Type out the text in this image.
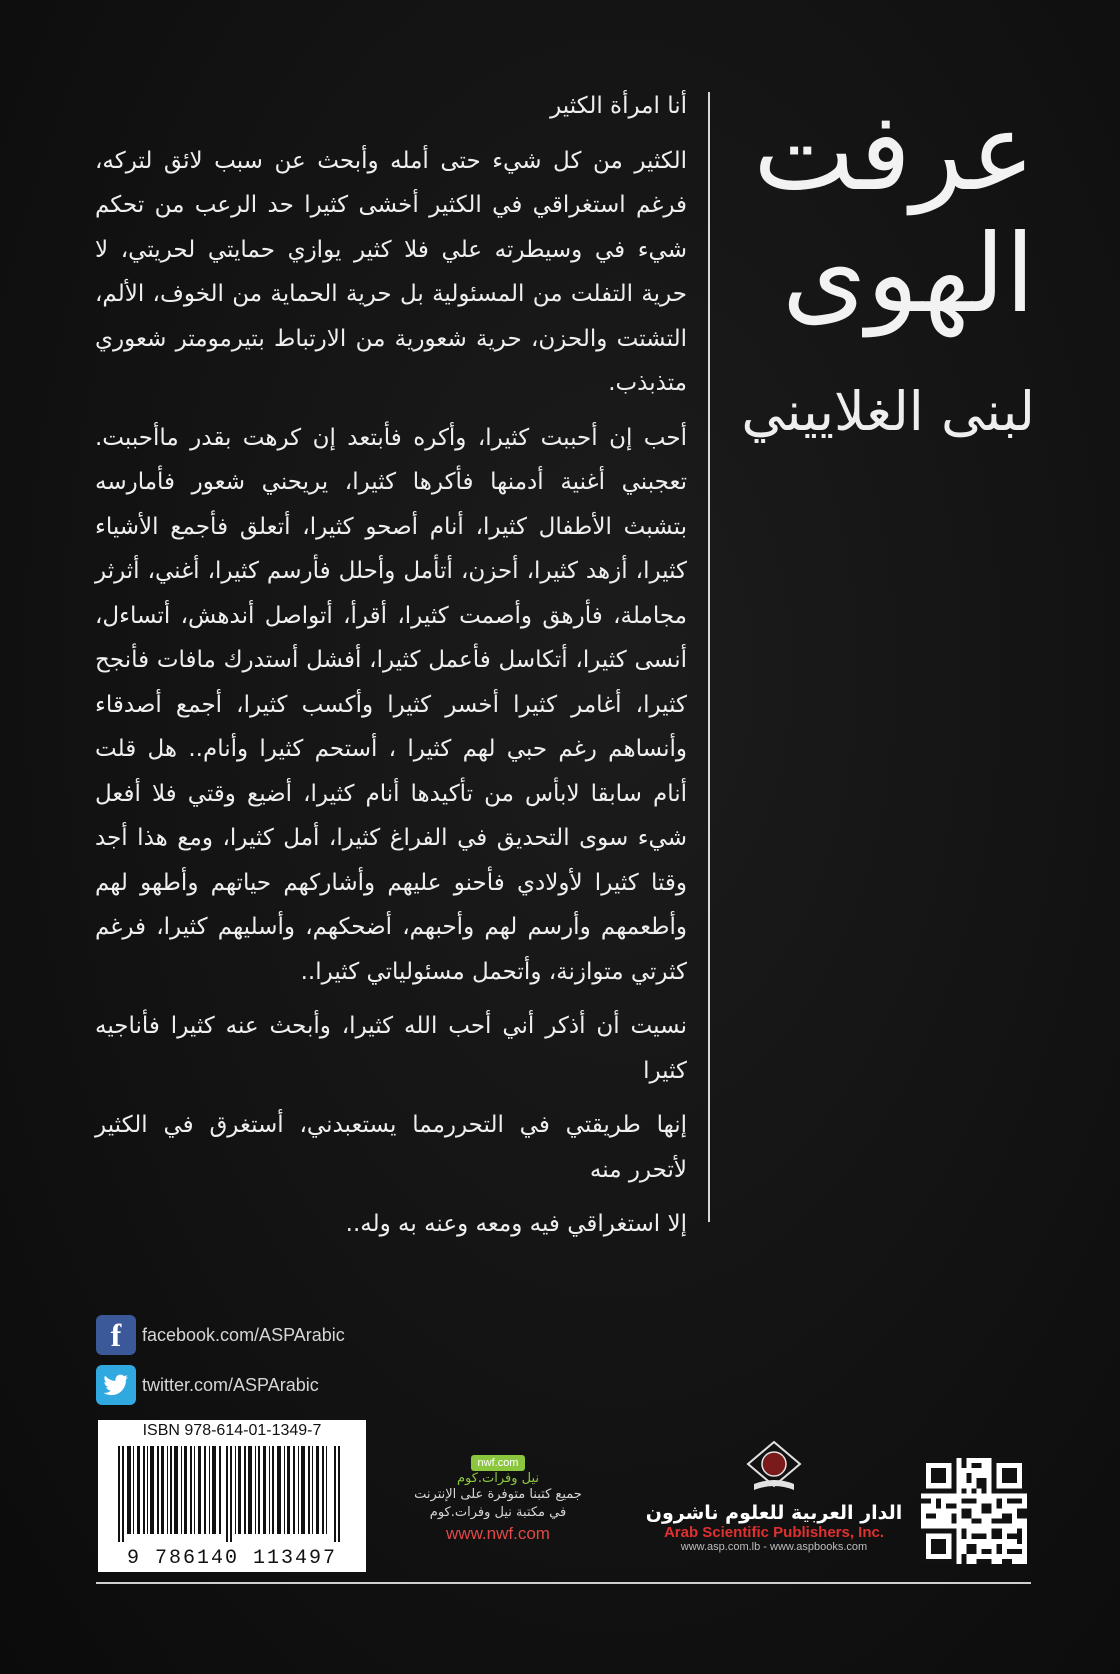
عرفت
الهوى
لبنى الغلاييني

أنا امرأة الكثير

الكثير من كل شيء حتى أمله وأبحث عن سبب لائق لتركه، فرغم استغراقي في الكثير أخشى كثيرا حد الرعب من تحكم شيء في وسيطرته علي فلا كثير يوازي حمايتي لحريتي، لا حرية التفلت من المسئولية بل حرية الحماية من الخوف، الألم، التشتت والحزن، حرية شعورية من الارتباط بتيرمومتر شعوري متذبذب.

أحب إن أحببت كثيرا، وأكره فأبتعد إن كرهت بقدر ماأحببت. تعجبني أغنية أدمنها فأكرها كثيرا، يريحني شعور فأمارسه بتشبث الأطفال كثيرا، أنام أصحو كثيرا، أتعلق فأجمع الأشياء كثيرا، أزهد كثيرا، أحزن، أتأمل وأحلل فأرسم كثيرا، أغني، أثرثر مجاملة، فأرهق وأصمت كثيرا، أقرأ، أتواصل أندهش، أتساءل، أنسى كثيرا، أتكاسل فأعمل كثيرا، أفشل أستدرك مافات فأنجح كثيرا، أغامر كثيرا أخسر كثيرا وأكسب كثيرا، أجمع أصدقاء وأنساهم رغم حبي لهم كثيرا ، أستحم كثيرا وأنام.. هل قلت أنام سابقا لابأس من تأكيدها أنام كثيرا، أضيع وقتي فلا أفعل شيء سوى التحديق في الفراغ كثيرا، أمل كثيرا، ومع هذا أجد وقتا كثيرا لأولادي فأحنو عليهم وأشاركهم حياتهم وأطهو لهم وأطعمهم وأرسم لهم وأحبهم، أضحكهم، وأسليهم كثيرا، فرغم كثرتي متوازنة، وأتحمل مسئولياتي كثيرا..

نسيت أن أذكر أني أحب الله كثيرا، وأبحث عنه كثيرا فأناجيه كثيرا

إنها طريقتي في التحررمما يستعبدني، أستغرق في الكثير لأتحرر منه

إلا استغراقي فيه ومعه وعنه به وله..

f	facebook.com/ASPArabic
twitter.com/ASPArabic
ISBN 978-614-01-1349-7
9 786140 113497
nwf.com
نيل وفرات.كوم
جميع كتبنا متوفرة على الإنترنت
في مكتبة نيل وفرات.كوم
www.nwf.com
الدار العربية للعلوم ناشرون
Arab Scientific Publishers, Inc.
www.asp.com.lb - www.aspbooks.com
